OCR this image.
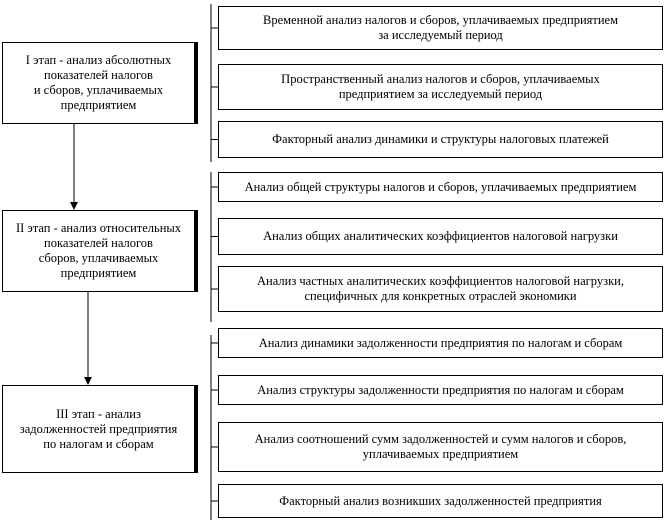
I этап - анализ абсолютных
показателей налогов
и сборов, уплачиваемых
предприятием
Временной анализ налогов и сборов, уплачиваемых предприятием
за исследуемый период
Пространственный анализ налогов и сборов, уплачиваемых
предприятием за исследуемый период
Факторный анализ динамики и структуры налоговых платежей
II этап - анализ относительных
показателей налогов
сборов, уплачиваемых
предприятием
Анализ общей структуры налогов и сборов, уплачиваемых предприятием
Анализ общих аналитических коэффициентов налоговой нагрузки
Анализ частных аналитических коэффициентов налоговой нагрузки,
специфичных для конкретных отраслей экономики
III этап - анализ
задолженностей предприятия
по налогам и сборам
Анализ динамики задолженности предприятия по налогам и сборам
Анализ структуры задолженности предприятия по налогам и сборам
Анализ соотношений сумм задолженностей и сумм налогов и сборов,
уплачиваемых предприятием
Факторный анализ возникших задолженностей предприятия
